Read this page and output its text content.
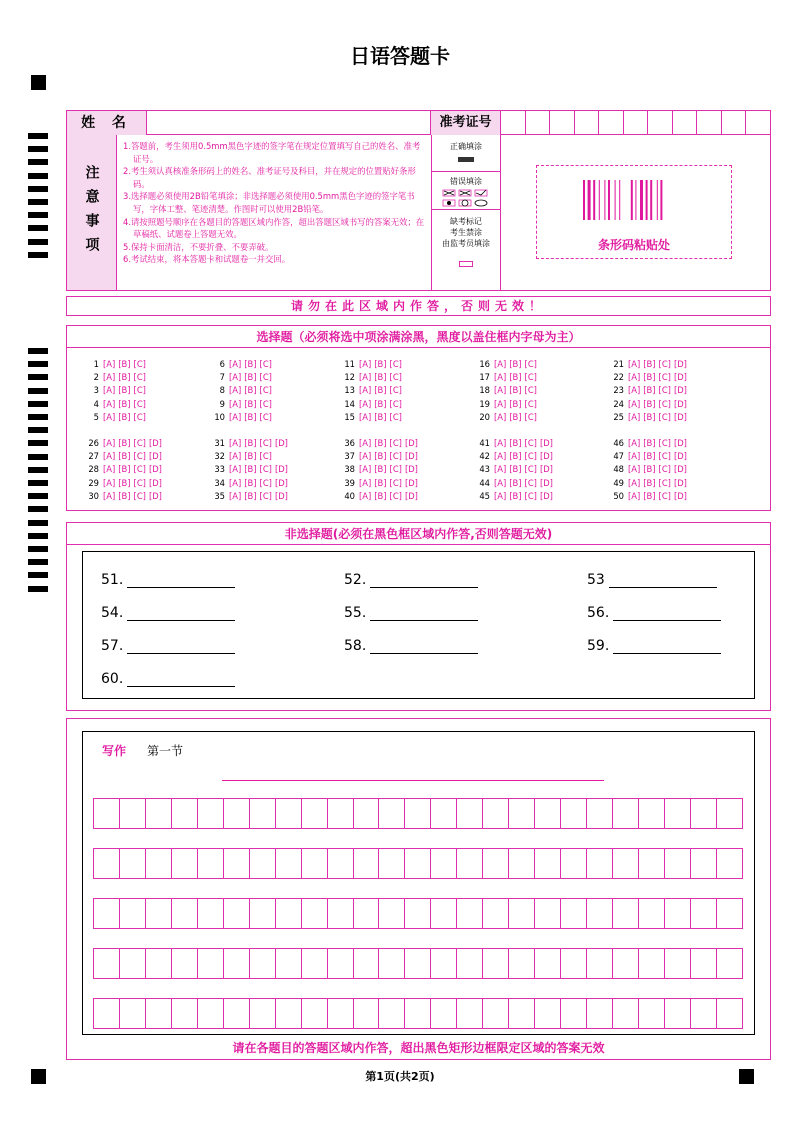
日语答题卡
姓 名	准考证号
注意事项

1.答题前，考生须用0.5mm黑色字迹的签字笔在规定位置填写自己的姓名、准考证号。

2.考生须认真核准条形码上的姓名、准考证号及科目，并在规定的位置贴好条形码。

3.选择题必须使用2B铅笔填涂；非选择题必须使用0.5mm黑色字迹的签字笔书写，字体工整、笔迹清楚。作图时可以使用2B铅笔。

4.请按照题号顺序在各题目的答题区域内作答，超出答题区域书写的答案无效；在草稿纸、试题卷上答题无效。

5.保持卡面清洁，不要折叠、不要弄破。

6.考试结束，将本答题卡和试题卷一并交回。

正确填涂
错误填涂
缺考标记
考生禁涂
由监考员填涂	条形码粘贴处
请勿在此区域内作答，否则无效！
选择题（必须将选中项涂满涂黑，黑度以盖住框内字母为主）
1 [A] [B] [C]
2 [A] [B] [C]
3 [A] [B] [C]
4 [A] [B] [C]
5 [A] [B] [C]
6 [A] [B] [C]
7 [A] [B] [C]
8 [A] [B] [C]
9 [A] [B] [C]
10 [A] [B] [C]
11 [A] [B] [C]
12 [A] [B] [C]
13 [A] [B] [C]
14 [A] [B] [C]
15 [A] [B] [C]
16 [A] [B] [C]
17 [A] [B] [C]
18 [A] [B] [C]
19 [A] [B] [C]
20 [A] [B] [C]
21 [A] [B] [C] [D]
22 [A] [B] [C] [D]
23 [A] [B] [C] [D]
24 [A] [B] [C] [D]
25 [A] [B] [C] [D]
26 [A] [B] [C] [D]
27 [A] [B] [C] [D]
28 [A] [B] [C] [D]
29 [A] [B] [C] [D]
30 [A] [B] [C] [D]
31 [A] [B] [C] [D]
32 [A] [B] [C]
33 [A] [B] [C] [D]
34 [A] [B] [C] [D]
35 [A] [B] [C] [D]
36 [A] [B] [C] [D]
37 [A] [B] [C] [D]
38 [A] [B] [C] [D]
39 [A] [B] [C] [D]
40 [A] [B] [C] [D]
41 [A] [B] [C] [D]
42 [A] [B] [C] [D]
43 [A] [B] [C] [D]
44 [A] [B] [C] [D]
45 [A] [B] [C] [D]
46 [A] [B] [C] [D]
47 [A] [B] [C] [D]
48 [A] [B] [C] [D]
49 [A] [B] [C] [D]
50 [A] [B] [C] [D]
非选择题(必须在黑色框区域内作答,否则答题无效)
51.	52.	53
54.	55.	56.
57.	58.	59.
60.
写作 第一节
请在各题目的答题区域内作答，超出黑色矩形边框限定区域的答案无效
第1页(共2页)
